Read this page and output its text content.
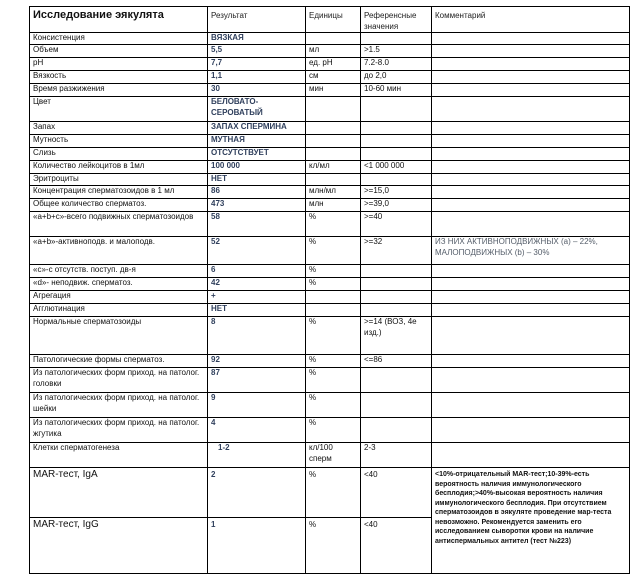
Исследование эякулята	Результат	Единицы	Референсные значения	Комментарий
Консистенция	ВЯЗКАЯ			
Объем	5,5	мл	>1.5	
pH	7,7	ед. pH	7.2-8.0	
Вязкость	1,1	см	до 2,0	
Время разжижения	30	мин	10-60 мин	
Цвет	БЕЛОВАТО-СЕРОВАТЫЙ			
Запах	ЗАПАХ СПЕРМИНА			
Мутность	МУТНАЯ			
Слизь	ОТСУТСТВУЕТ			
Количество лейкоцитов в 1мл	100 000	кл/мл	<1 000 000	
Эритроциты	НЕТ			
Концентрация сперматозоидов в 1 мл	86	млн/мл	>=15,0	
Общее количество сперматоз.	473	млн	>=39,0	
«a+b+c»-всего подвижных сперматозоидов	58	%	>=40	
«a+b»-активноподв. и малоподв.	52	%	>=32	ИЗ НИХ АКТИВНОПОДВИЖНЫХ (а) – 22%, МАЛОПОДВИЖНЫХ (b) – 30%
«c»-с отсутств. поступ. дв-я	6	%		
«d»- неподвиж. сперматоз.	42	%		
Агрегация	+			
Агглютинация	НЕТ			
Нормальные сперматозоиды	8	%	>=14 (ВОЗ, 4е изд.)	
Патологические формы сперматоз.	92	%	<=86	
Из патологических форм приход. на патолог. головки	87	%		
Из патологических форм приход. на патолог. шейки	9	%		
Из патологических форм приход. на патолог. жгутика	4	%		
Клетки сперматогенеза	1-2	кл/100 сперм	2-3	
MAR-тест, IgA	2	%	<40	<10%-отрицательный MAR-тест;10-39%-есть вероятность наличия иммунологического бесплодия;>40%-высокая вероятность наличия иммунологического бесплодия. При отсутствием сперматозоидов в эякуляте проведение мар-теста невозможно. Рекомендуется заменить его исследованием сыворотки крови на наличие антиспермальных антител (тест №223)
MAR-тест, IgG	1	%	<40	
